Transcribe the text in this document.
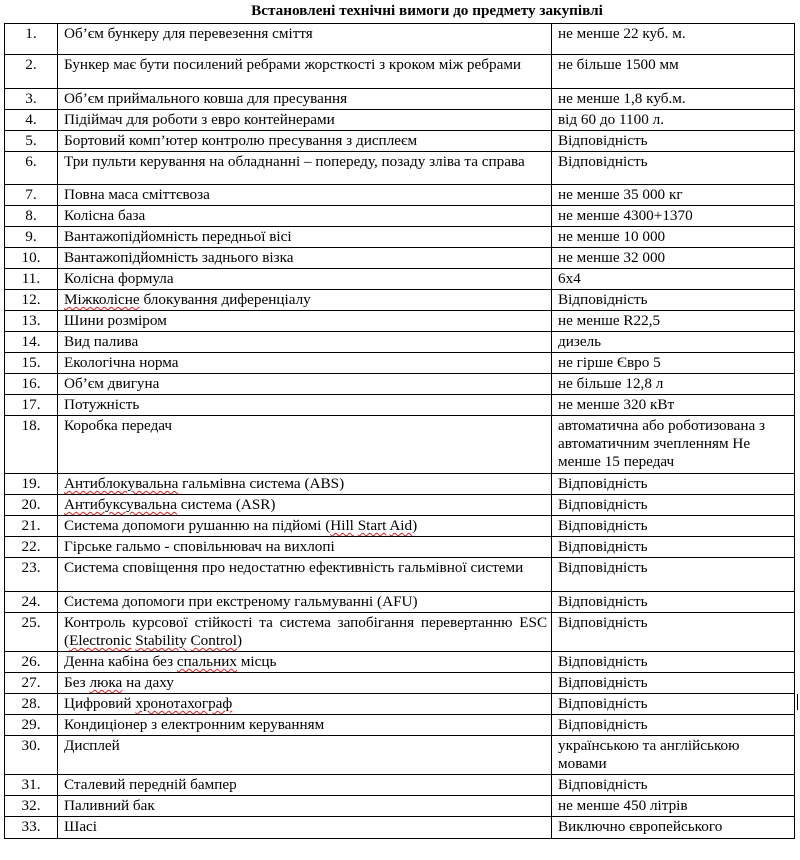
	Встановлені технічні вимоги до предмету закупівлі	
1.	Об’єм бункеру для перевезення сміття	не менше 22 куб. м.
2.	Бункер має бути посилений ребрами жорсткості з кроком між ребрами	не більше 1500 мм
3.	Об’єм приймального ковша для пресування	не менше 1,8 куб.м.
4.	Підіймач для роботи з евро контейнерами	від 60 до 1100 л.
5.	Бортовий комп’ютер контролю пресування з дисплеєм	Відповідність
6.	Три пульти керування на обладнанні – попереду, позаду зліва та справа	Відповідність
7.	Повна маса сміттєвоза	не менше 35 000 кг
8.	Колісна база	не менше 4300+1370
9.	Вантажопідйомність передньої вісі	не менше 10 000
10.	Вантажопідйомність заднього візка	не менше 32 000
11.	Колісна формула	6х4
12.	Міжколісне блокування диференціалу	Відповідність
13.	Шини розміром	не менше R22,5
14.	Вид палива	дизель
15.	Екологічна норма	не гірше Євро 5
16.	Об’єм двигуна	не більше 12,8 л
17.	Потужність	не менше 320 кВт
18.	Коробка передач	автоматична або роботизована з автоматичним зчепленням Не менше 15 передач
19.	Антиблокувальна гальмівна система (ABS)	Відповідність
20.	Антибуксувальна система (ASR)	Відповідність
21.	Система допомоги рушанню на підйомі (Hill Start Aid)	Відповідність
22.	Гірське гальмо - сповільнювач на вихлопі	Відповідність
23.	Система сповіщення про недостатню ефективність гальмівної системи	Відповідність
24.	Система допомоги при екстреному гальмуванні (AFU)	Відповідність
25.	Контроль курсової стійкості та система запобігання перевертанню ESC (Electronic Stability Control)	Відповідність
26.	Денна кабіна без спальних місць	Відповідність
27.	Без люка на даху	Відповідність
28.	Цифровий хронотахограф	Відповідність
29.	Кондиціонер з електронним керуванням	Відповідність
30.	Дисплей	українською та англійською мовами
31.	Сталевий передній бампер	Відповідність
32.	Паливний бак	не менше 450 літрів
33.	Шасі	Виключно європейського
